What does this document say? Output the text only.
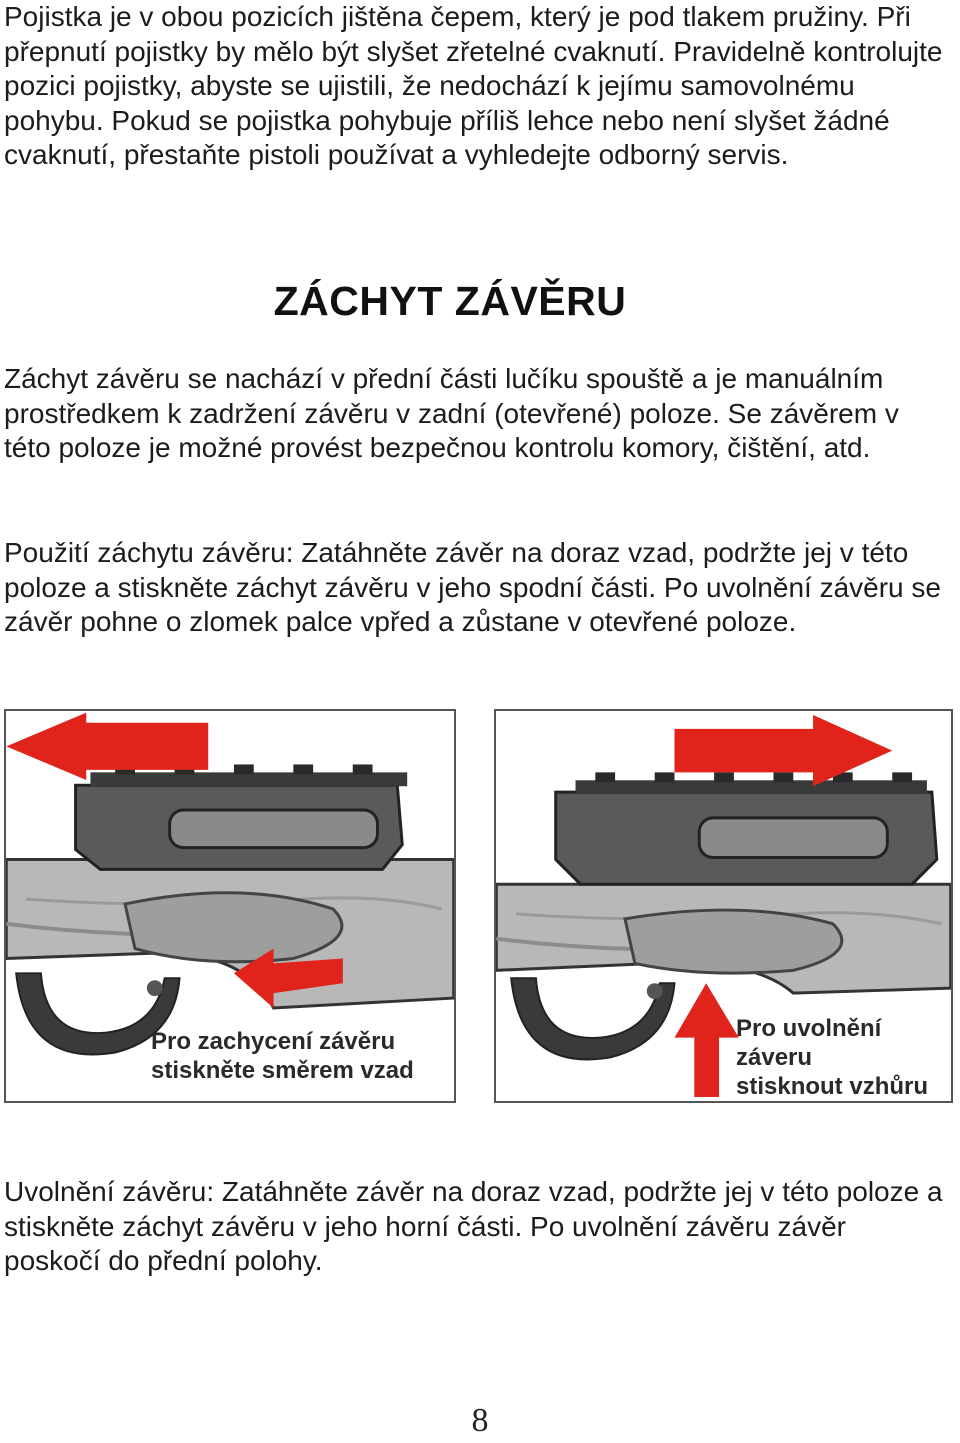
Pojistka je v obou pozicích jištěna čepem, který je pod tlakem pružiny. Při přepnutí pojistky by mělo být slyšet zřetelné cvaknutí. Pravidelně kontrolujte pozici pojistky, abyste se ujistili, že nedochází k jejímu samovolnému pohybu. Pokud se pojistka pohybuje příliš lehce nebo není slyšet žádné cvaknutí, přestaňte pistoli používat a vyhledejte odborný servis.

ZÁCHYT ZÁVĚRU

Záchyt závěru se nachází v přední části lučíku spouště a je manuálním prostředkem k zadržení závěru v zadní (otevřené) poloze. Se závěrem v této poloze je možné provést bezpečnou kontrolu komory, čištění, atd.

Použití záchytu závěru: Zatáhněte závěr na doraz vzad, podržte jej v této poloze a stiskněte záchyt závěru v jeho spodní části. Po uvolnění závěru se závěr pohne o zlomek palce vpřed a zůstane v otevřené poloze.

Pro zachycení závěru
stiskněte směrem vzad

Pro uvolnění
záveru
stisknout vzhůru

Uvolnění závěru: Zatáhněte závěr na doraz vzad, podržte jej v této poloze a stiskněte záchyt závěru v jeho horní části. Po uvolnění závěru závěr poskočí do přední polohy.

8
